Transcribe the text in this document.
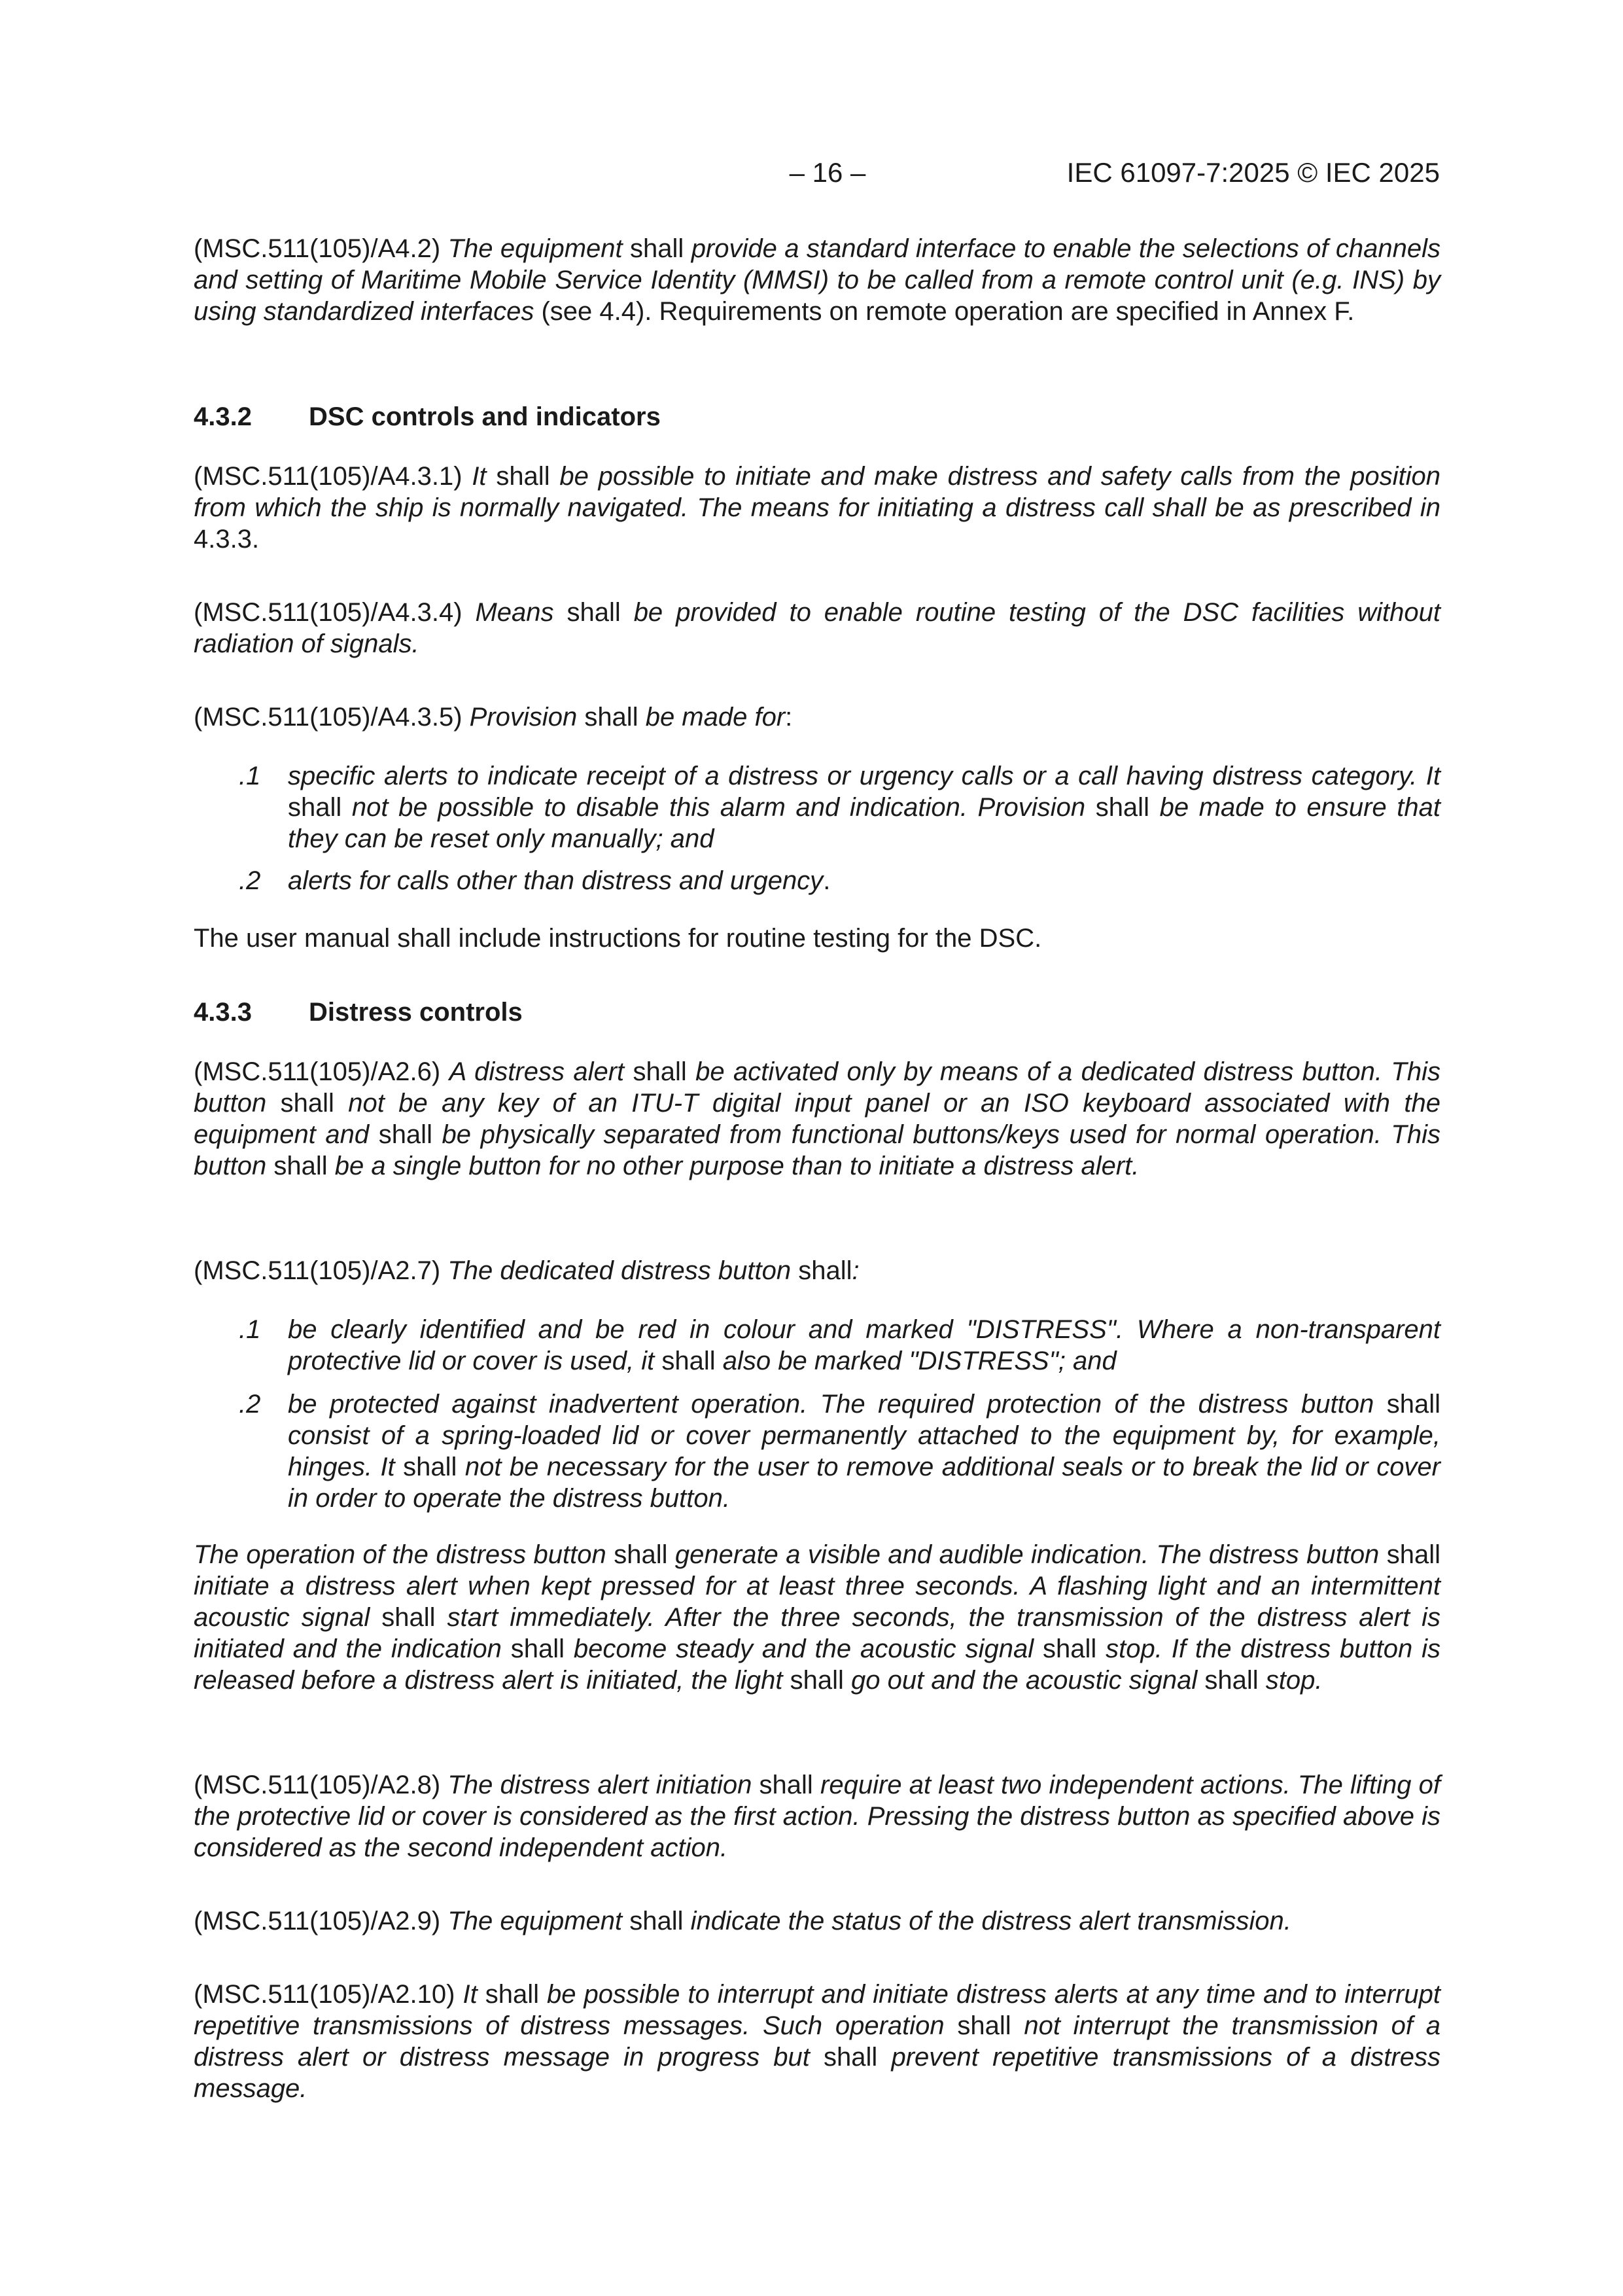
– 16 –	IEC 61097-7:2025 © IEC 2025

(MSC.511(105)/A4.2) The equipment shall provide a standard interface to enable the selections of channels and setting of Maritime Mobile Service Identity (MMSI) to be called from a remote control unit (e.g. INS) by using standardized interfaces (see 4.4). Requirements on remote operation are specified in Annex F.

4.3.2 DSC controls and indicators

(MSC.511(105)/A4.3.1) It shall be possible to initiate and make distress and safety calls from the position from which the ship is normally navigated. The means for initiating a distress call shall be as prescribed in 4.3.3.

(MSC.511(105)/A4.3.4) Means shall be provided to enable routine testing of the DSC facilities without radiation of signals.

(MSC.511(105)/A4.3.5) Provision shall be made for:

.1 specific alerts to indicate receipt of a distress or urgency calls or a call having distress category. It shall not be possible to disable this alarm and indication. Provision shall be made to ensure that they can be reset only manually; and
.2 alerts for calls other than distress and urgency.

The user manual shall include instructions for routine testing for the DSC.

4.3.3 Distress controls

(MSC.511(105)/A2.6) A distress alert shall be activated only by means of a dedicated distress button. This button shall not be any key of an ITU-T digital input panel or an ISO keyboard associated with the equipment and shall be physically separated from functional buttons/keys used for normal operation. This button shall be a single button for no other purpose than to initiate a distress alert.

(MSC.511(105)/A2.7) The dedicated distress button shall:

.1 be clearly identified and be red in colour and marked "DISTRESS". Where a non-transparent protective lid or cover is used, it shall also be marked "DISTRESS"; and
.2 be protected against inadvertent operation. The required protection of the distress button shall consist of a spring-loaded lid or cover permanently attached to the equipment by, for example, hinges. It shall not be necessary for the user to remove additional seals or to break the lid or cover in order to operate the distress button.

The operation of the distress button shall generate a visible and audible indication. The distress button shall initiate a distress alert when kept pressed for at least three seconds. A flashing light and an intermittent acoustic signal shall start immediately. After the three seconds, the transmission of the distress alert is initiated and the indication shall become steady and the acoustic signal shall stop. If the distress button is released before a distress alert is initiated, the light shall go out and the acoustic signal shall stop.

(MSC.511(105)/A2.8) The distress alert initiation shall require at least two independent actions. The lifting of the protective lid or cover is considered as the first action. Pressing the distress button as specified above is considered as the second independent action.

(MSC.511(105)/A2.9) The equipment shall indicate the status of the distress alert transmission.

(MSC.511(105)/A2.10) It shall be possible to interrupt and initiate distress alerts at any time and to interrupt repetitive transmissions of distress messages. Such operation shall not interrupt the transmission of a distress alert or distress message in progress but shall prevent repetitive transmissions of a distress message.
